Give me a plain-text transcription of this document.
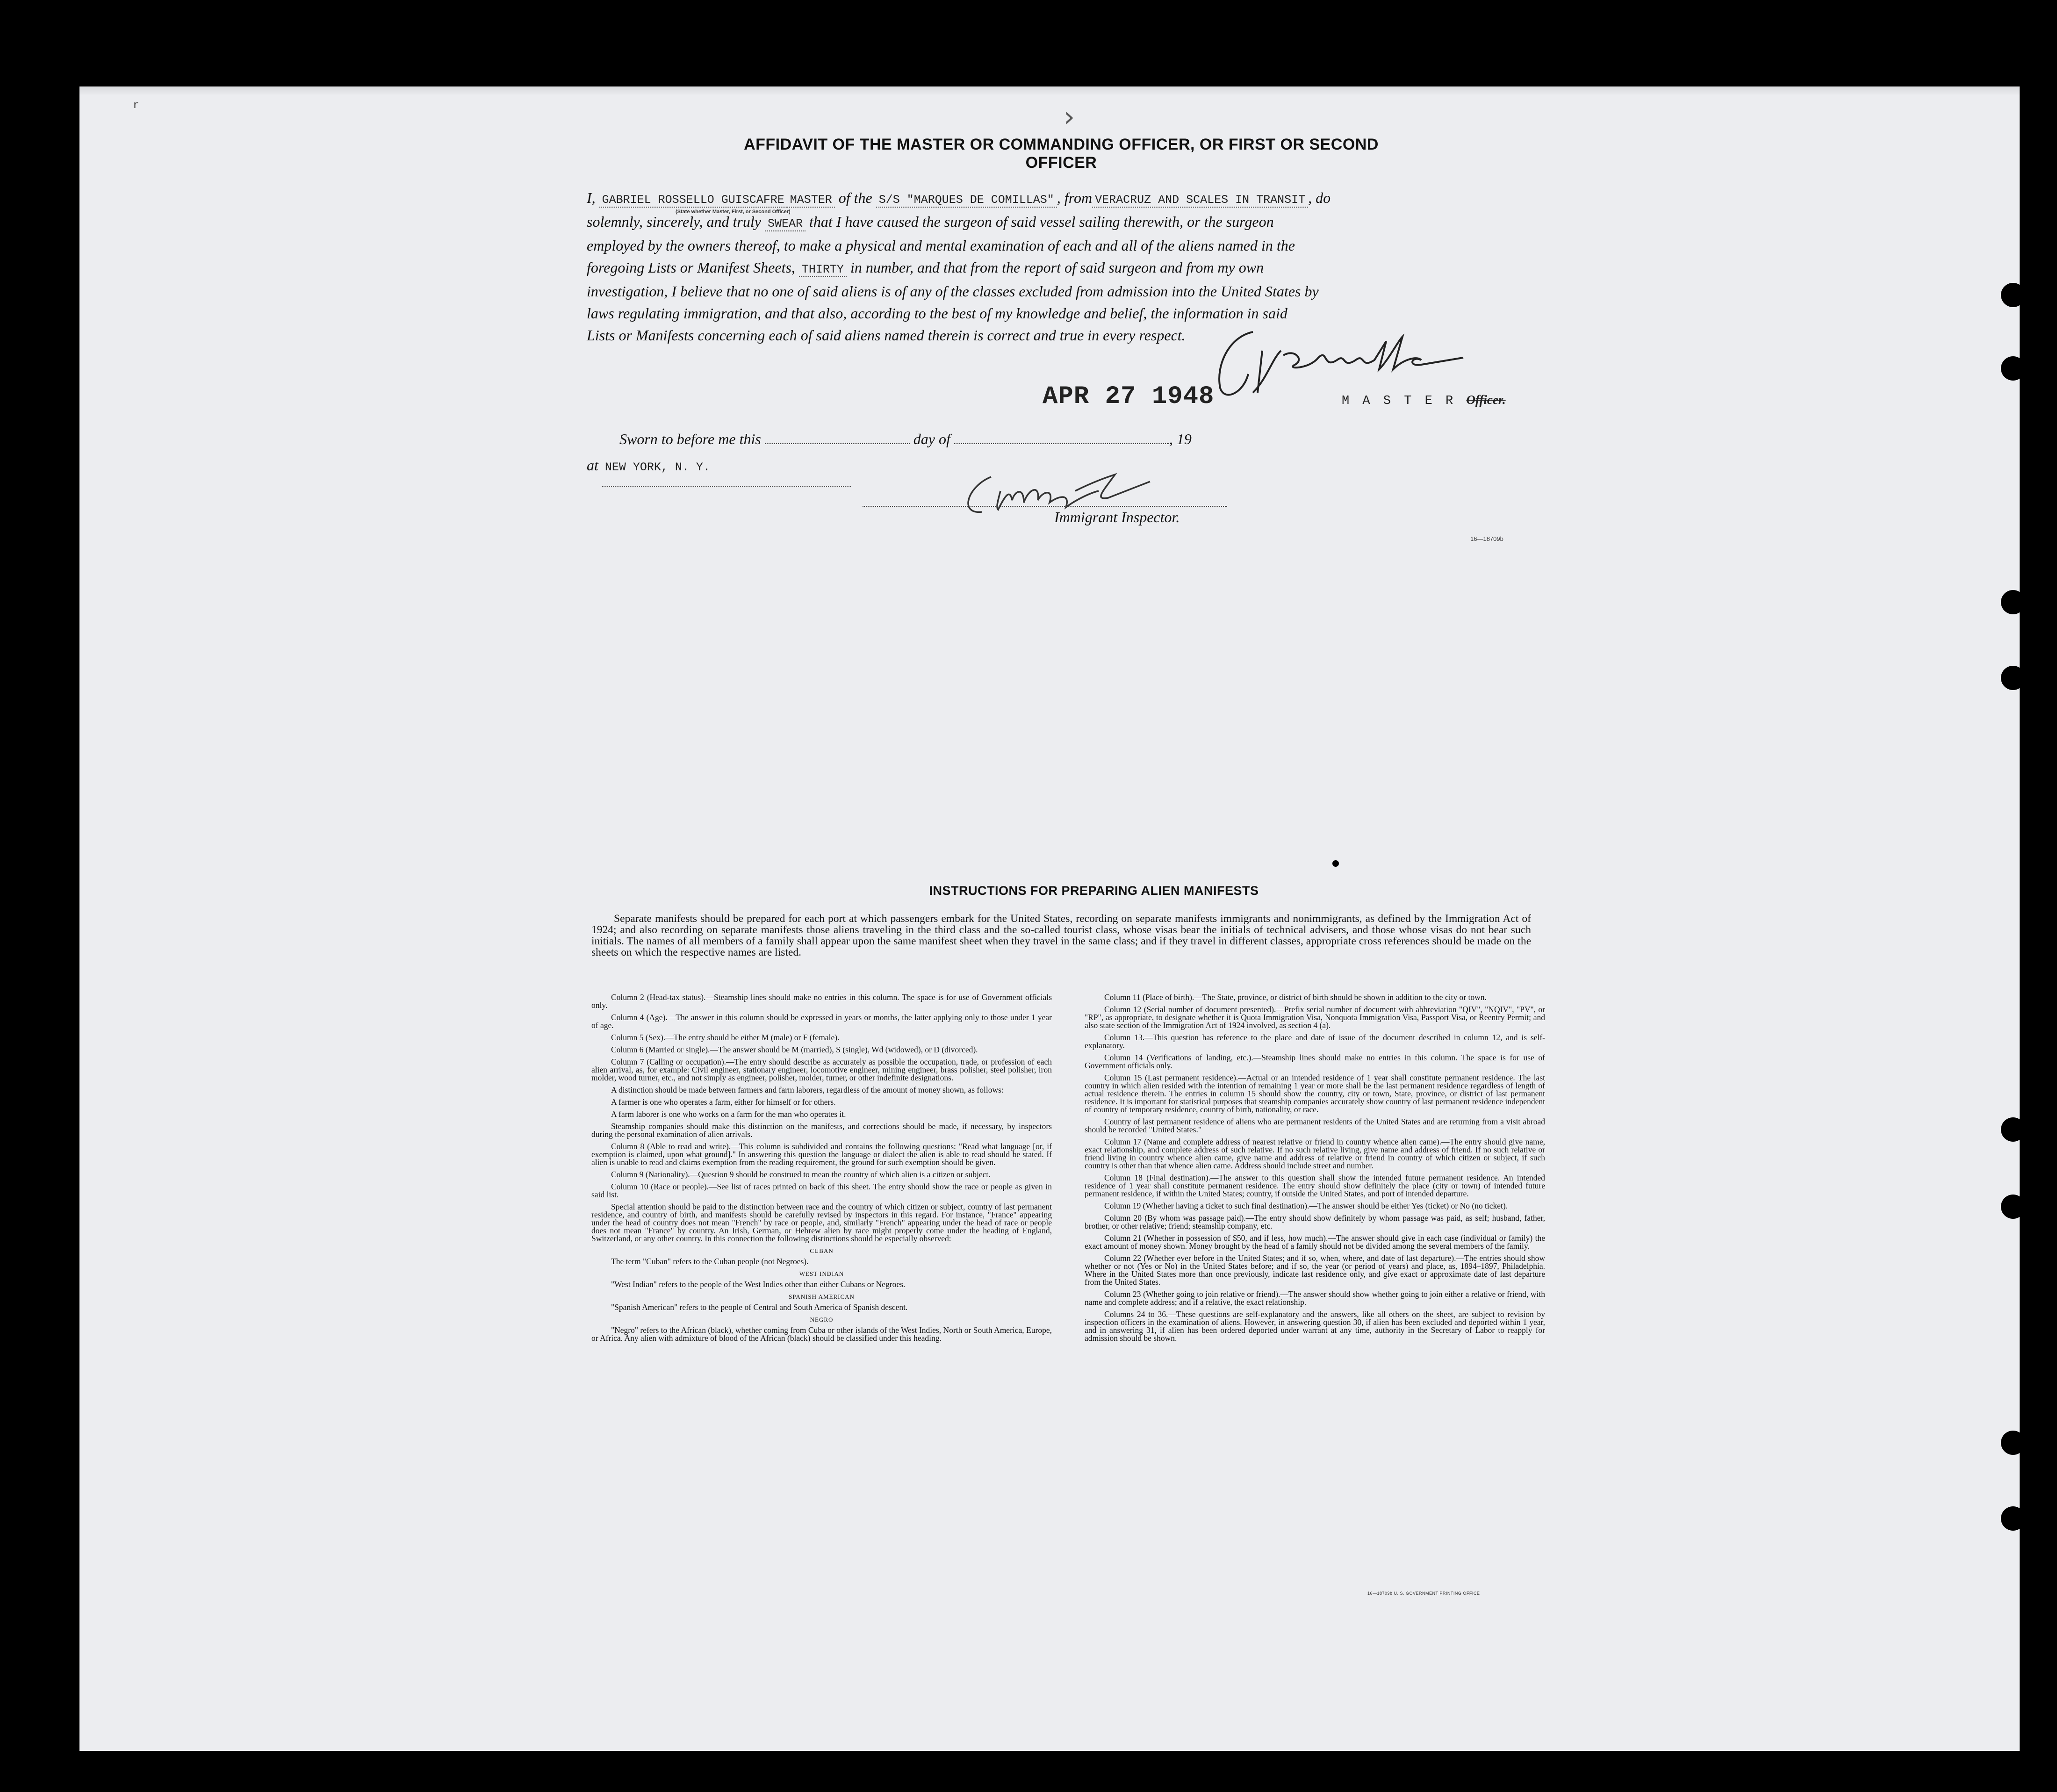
ᵣ	›
AFFIDAVIT OF THE MASTER OR COMMANDING OFFICER, OR FIRST OR SECOND OFFICER
(State whether Master, First, or Second Officer)

I, GABRIEL ROSSELLO GUISCAFRE MASTER of the S/S "MARQUES DE COMILLAS" , from VERACRUZ AND SCALES IN TRANSIT , do

solemnly, sincerely, and truly SWEAR that I have caused the surgeon of said vessel sailing therewith, or the surgeon

employed by the owners thereof, to make a physical and mental examination of each and all of the aliens named in the

foregoing Lists or Manifest Sheets, THIRTY in number, and that from the report of said surgeon and from my own

investigation, I believe that no one of said aliens is of any of the classes excluded from admission into the United States by

laws regulating immigration, and that also, according to the best of my knowledge and belief, the information in said

Lists or Manifests concerning each of said aliens named therein is correct and true in every respect.

APR 27 1948	M A S T E R Officer.
Sworn to before me this	day of	, 19
at NEW YORK, N. Y.
Immigrant Inspector.
16—18709b
INSTRUCTIONS FOR PREPARING ALIEN MANIFESTS

Separate manifests should be prepared for each port at which passengers embark for the United States, recording on separate manifests immigrants and nonimmigrants, as defined by the Immigration Act of 1924; and also recording on separate manifests those aliens traveling in the third class and the so-called tourist class, whose visas bear the initials of technical advisers, and those whose visas do not bear such initials. The names of all members of a family shall appear upon the same manifest sheet when they travel in the same class; and if they travel in different classes, appropriate cross references should be made on the sheets on which the respective names are listed.

Column 2 (Head-tax status).—Steamship lines should make no entries in this column. The space is for use of Government officials only.

Column 4 (Age).—The answer in this column should be expressed in years or months, the latter applying only to those under 1 year of age.

Column 5 (Sex).—The entry should be either M (male) or F (female).

Column 6 (Married or single).—The answer should be M (married), S (single), Wd (widowed), or D (divorced).

Column 7 (Calling or occupation).—The entry should describe as accurately as possible the occupation, trade, or profession of each alien arrival, as, for example: Civil engineer, stationary engineer, locomotive engineer, mining engineer, brass polisher, steel polisher, iron molder, wood turner, etc., and not simply as engineer, polisher, molder, turner, or other indefinite designations.

A distinction should be made between farmers and farm laborers, regardless of the amount of money shown, as follows:

A farmer is one who operates a farm, either for himself or for others.

A farm laborer is one who works on a farm for the man who operates it.

Steamship companies should make this distinction on the manifests, and corrections should be made, if necessary, by inspectors during the personal examination of alien arrivals.

Column 8 (Able to read and write).—This column is subdivided and contains the following questions: "Read what language [or, if exemption is claimed, upon what ground]." In answering this question the language or dialect the alien is able to read should be stated. If alien is unable to read and claims exemption from the reading requirement, the ground for such exemption should be given.

Column 9 (Nationality).—Question 9 should be construed to mean the country of which alien is a citizen or subject.

Column 10 (Race or people).—See list of races printed on back of this sheet. The entry should show the race or people as given in said list.

Special attention should be paid to the distinction between race and the country of which citizen or subject, country of last permanent residence, and country of birth, and manifests should be carefully revised by inspectors in this regard. For instance, "France" appearing under the head of country does not mean "French" by race or people, and, similarly "French" appearing under the head of race or people does not mean "France" by country. An Irish, German, or Hebrew alien by race might properly come under the heading of England, Switzerland, or any other country. In this connection the following distinctions should be especially observed:

CUBAN

The term "Cuban" refers to the Cuban people (not Negroes).

WEST INDIAN

"West Indian" refers to the people of the West Indies other than either Cubans or Negroes.

SPANISH AMERICAN

"Spanish American" refers to the people of Central and South America of Spanish descent.

NEGRO

"Negro" refers to the African (black), whether coming from Cuba or other islands of the West Indies, North or South America, Europe, or Africa. Any alien with admixture of blood of the African (black) should be classified under this heading.

Column 11 (Place of birth).—The State, province, or district of birth should be shown in addition to the city or town.

Column 12 (Serial number of document presented).—Prefix serial number of document with abbreviation "QIV", "NQIV", "PV", or "RP", as appropriate, to designate whether it is Quota Immigration Visa, Nonquota Immigration Visa, Passport Visa, or Reentry Permit; and also state section of the Immigration Act of 1924 involved, as section 4 (a).

Column 13.—This question has reference to the place and date of issue of the document described in column 12, and is self-explanatory.

Column 14 (Verifications of landing, etc.).—Steamship lines should make no entries in this column. The space is for use of Government officials only.

Column 15 (Last permanent residence).—Actual or an intended residence of 1 year shall constitute permanent residence. The last country in which alien resided with the intention of remaining 1 year or more shall be the last permanent residence regardless of length of actual residence therein. The entries in column 15 should show the country, city or town, State, province, or district of last permanent residence. It is important for statistical purposes that steamship companies accurately show country of last permanent residence independent of country of temporary residence, country of birth, nationality, or race.

Country of last permanent residence of aliens who are permanent residents of the United States and are returning from a visit abroad should be recorded "United States."

Column 17 (Name and complete address of nearest relative or friend in country whence alien came).—The entry should give name, exact relationship, and complete address of such relative. If no such relative living, give name and address of friend. If no such relative or friend living in country whence alien came, give name and address of relative or friend in country of which citizen or subject, if such country is other than that whence alien came. Address should include street and number.

Column 18 (Final destination).—The answer to this question shall show the intended future permanent residence. An intended residence of 1 year shall constitute permanent residence. The entry should show definitely the place (city or town) of intended future permanent residence, if within the United States; country, if outside the United States, and port of intended departure.

Column 19 (Whether having a ticket to such final destination).—The answer should be either Yes (ticket) or No (no ticket).

Column 20 (By whom was passage paid).—The entry should show definitely by whom passage was paid, as self; husband, father, brother, or other relative; friend; steamship company, etc.

Column 21 (Whether in possession of $50, and if less, how much).—The answer should give in each case (individual or family) the exact amount of money shown. Money brought by the head of a family should not be divided among the several members of the family.

Column 22 (Whether ever before in the United States; and if so, when, where, and date of last departure).—The entries should show whether or not (Yes or No) in the United States before; and if so, the year (or period of years) and place, as, 1894–1897, Philadelphia. Where in the United States more than once previously, indicate last residence only, and give exact or approximate date of last departure from the United States.

Column 23 (Whether going to join relative or friend).—The answer should show whether going to join either a relative or friend, with name and complete address; and if a relative, the exact relationship.

Columns 24 to 36.—These questions are self-explanatory and the answers, like all others on the sheet, are subject to revision by inspection officers in the examination of aliens. However, in answering question 30, if alien has been excluded and deported within 1 year, and in answering 31, if alien has been ordered deported under warrant at any time, authority in the Secretary of Labor to reapply for admission should be shown.

16—18709b U. S. GOVERNMENT PRINTING OFFICE
